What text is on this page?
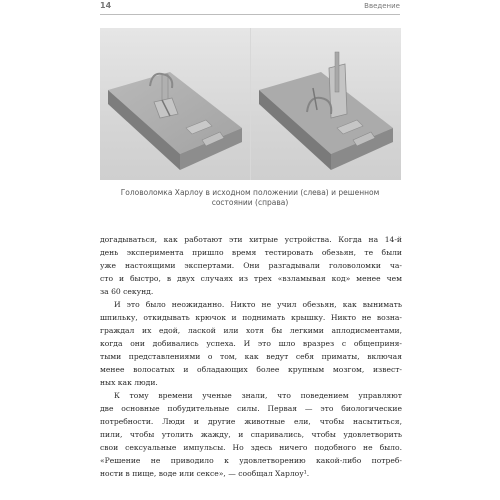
14	Введение
Головоломка Харлоу в исходном положении (слева) и решенном
состоянии (справа)

догадываться, как работают эти хитрые устройства. Когда на 14-й
день эксперимента пришло время тестировать обезьян, те были
уже настоящими экспертами. Они разгадывали головоломки ча-
сто и быстро, в двух случаях из трех «взламывая код» менее чем
за 60 секунд.

И это было неожиданно. Никто не учил обезьян, как вынимать
шпильку, откидывать крючок и поднимать крышку. Никто не возна-
граждал их едой, лаской или хотя бы легкими аплодисментами,
когда они добивались успеха. И это шло вразрез с общеприня-
тыми представлениями о том, как ведут себя приматы, включая
менее волосатых и обладающих более крупным мозгом, извест-
ных как люди.

К тому времени ученые знали, что поведением управляют
две основные побудительные силы. Первая — это биологические
потребности. Люди и другие животные ели, чтобы насытиться,
пили, чтобы утолить жажду, и спаривались, чтобы удовлетворить
свои сексуальные импульсы. Но здесь ничего подобного не было.
«Решение не приводило к удовлетворению какой-либо потреб-
ности в пище, воде или сексе», — сообщал Харлоу¹.
